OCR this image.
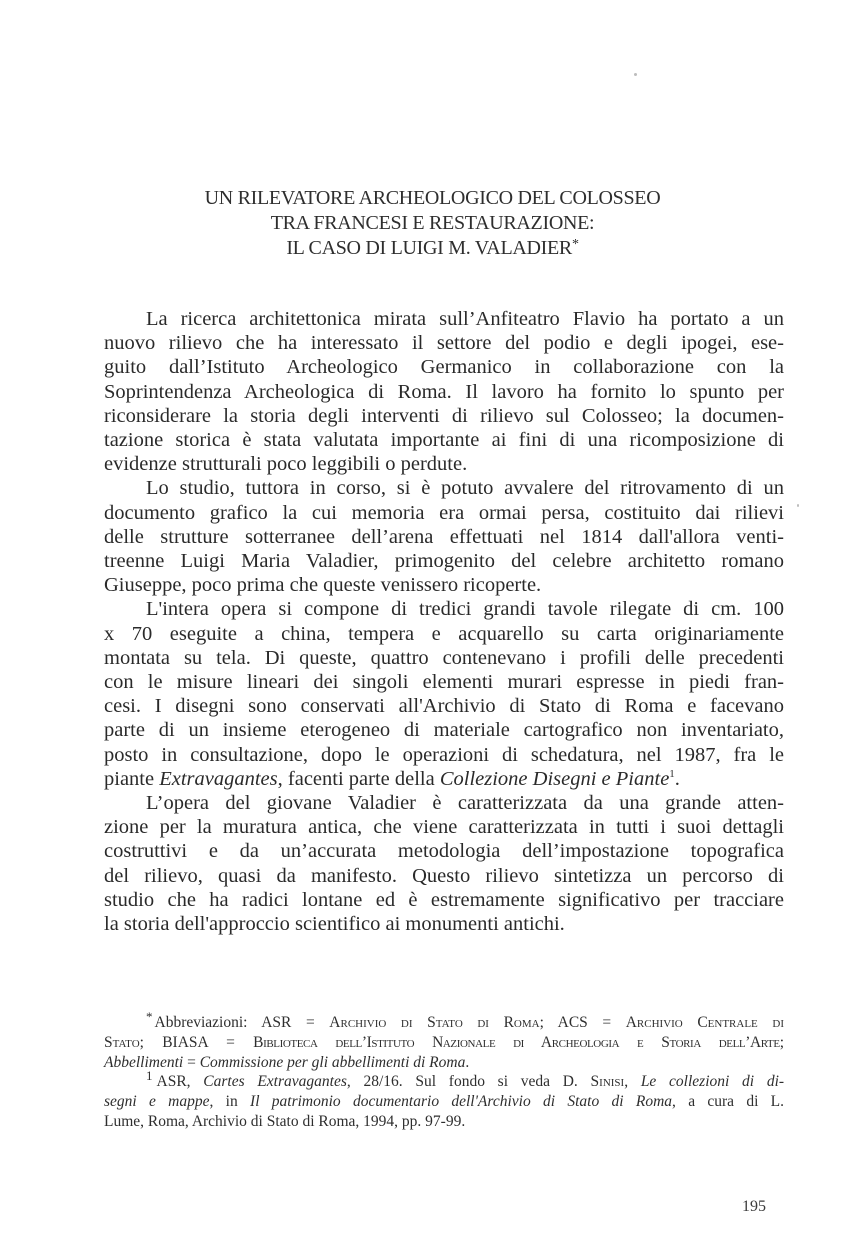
UN RILEVATORE ARCHEOLOGICO DEL COLOSSEO
TRA FRANCESI E RESTAURAZIONE:
IL CASO DI LUIGI M. VALADIER*

La ricerca architettonica mirata sull’Anfiteatro Flavio ha portato a un
nuovo rilievo che ha interessato il settore del podio e degli ipogei, ese-
guito dall’Istituto Archeologico Germanico in collaborazione con la
Soprintendenza Archeologica di Roma. Il lavoro ha fornito lo spunto per
riconsiderare la storia degli interventi di rilievo sul Colosseo; la documen-
tazione storica è stata valutata importante ai fini di una ricomposizione di
evidenze strutturali poco leggibili o perdute.

Lo studio, tuttora in corso, si è potuto avvalere del ritrovamento di un
documento grafico la cui memoria era ormai persa, costituito dai rilievi
delle strutture sotterranee dell’arena effettuati nel 1814 dall'allora venti-
treenne Luigi Maria Valadier, primogenito del celebre architetto romano
Giuseppe, poco prima che queste venissero ricoperte.

L'intera opera si compone di tredici grandi tavole rilegate di cm. 100
x 70 eseguite a china, tempera e acquarello su carta originariamente
montata su tela. Di queste, quattro contenevano i profili delle precedenti
con le misure lineari dei singoli elementi murari espresse in piedi fran-
cesi. I disegni sono conservati all'Archivio di Stato di Roma e facevano
parte di un insieme eterogeneo di materiale cartografico non inventariato,
posto in consultazione, dopo le operazioni di schedatura, nel 1987, fra le
piante Extravagantes, facenti parte della Collezione Disegni e Piante$^1$.

L’opera del giovane Valadier è caratterizzata da una grande atten-
zione per la muratura antica, che viene caratterizzata in tutti i suoi dettagli
costruttivi e da un’accurata metodologia dell’impostazione topografica
del rilievo, quasi da manifesto. Questo rilievo sintetizza un percorso di
studio che ha radici lontane ed è estremamente significativo per tracciare
la storia dell'approccio scientifico ai monumenti antichi.

* Abbreviazioni: ASR = Archivio di Stato di Roma; ACS = Archivio Centrale di
Stato; BIASA = Biblioteca dell’Istituto Nazionale di Archeologia e Storia dell’Arte;
Abbellimenti = Commissione per gli abbellimenti di Roma.
$^1$ ASR, Cartes Extravagantes, 28/16. Sul fondo si veda D. Sinisi, Le collezioni di di-
segni e mappe, in Il patrimonio documentario dell'Archivio di Stato di Roma, a cura di L.
Lume, Roma, Archivio di Stato di Roma, 1994, pp. 97-99.
195
